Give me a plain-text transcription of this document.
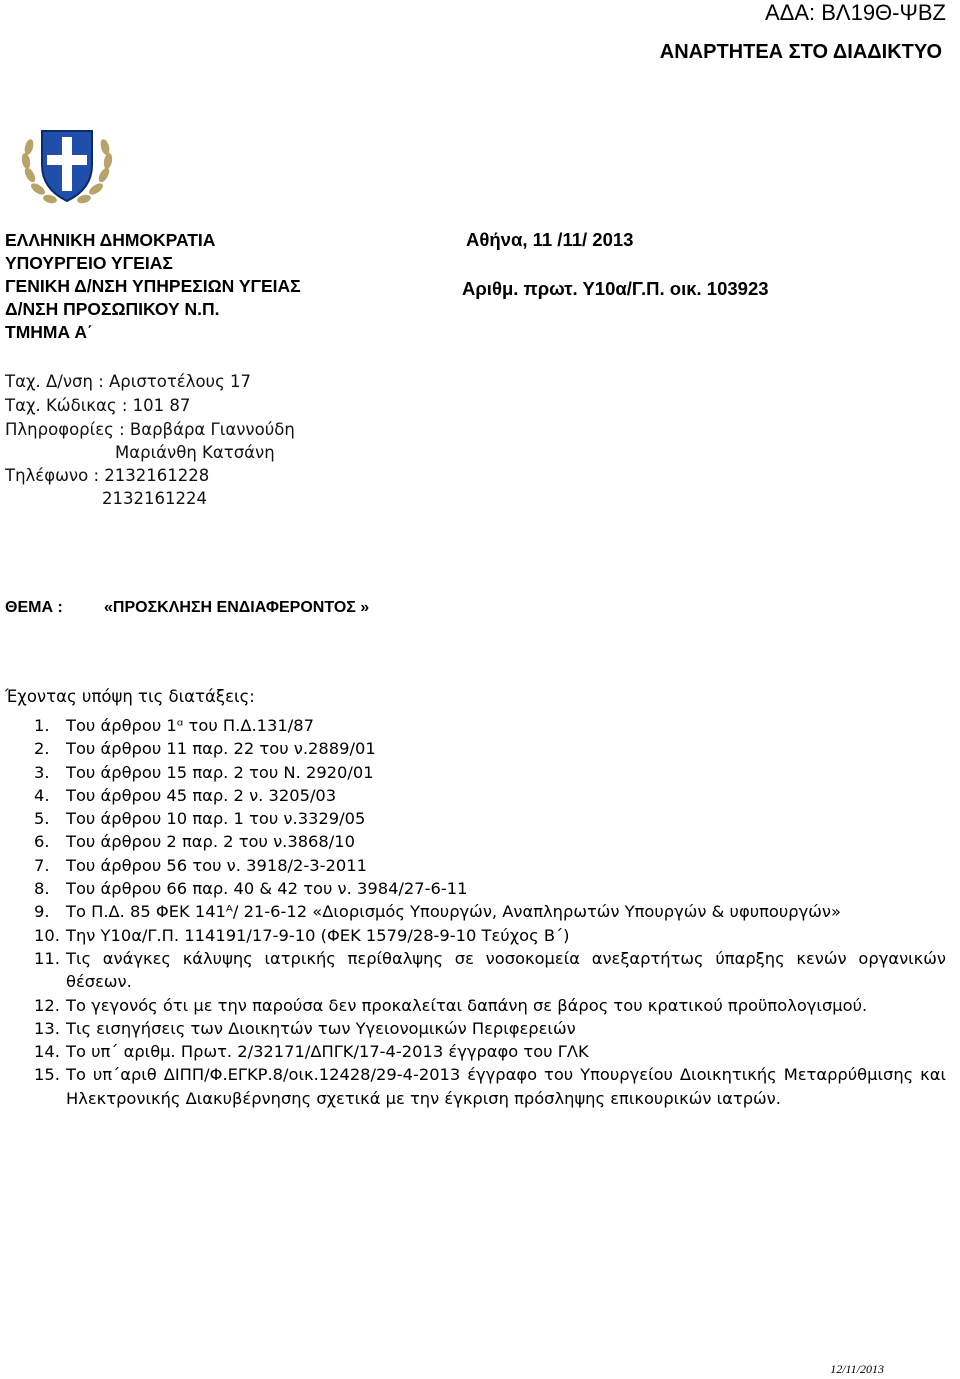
ΑΔΑ: ΒΛ19Θ-ΨΒΖ
ΑΝΑΡΤΗΤΕΑ ΣΤΟ ΔΙΑΔΙΚΤΥΟ
ΕΛΛΗΝΙΚΗ ΔΗΜΟΚΡΑΤΙΑ
ΥΠΟΥΡΓΕΙΟ ΥΓΕΙΑΣ
ΓΕΝΙΚΗ Δ/ΝΣΗ ΥΠΗΡΕΣΙΩΝ ΥΓΕΙΑΣ
Δ/ΝΣΗ ΠΡΟΣΩΠΙΚΟΥ Ν.Π.
ΤΜΗΜΑ Α΄
Αθήνα, 11 /11/ 2013
Αριθμ. πρωτ. Υ10α/Γ.Π. οικ. 103923
Ταχ. Δ/νση : Αριστοτέλους 17
Ταχ. Κώδικας : 101 87
Πληροφορίες : Βαρβάρα Γιαννούδη
Μαριάνθη Κατσάνη
Τηλέφωνο : 2132161228
2132161224
ΘΕΜΑ :	«ΠΡΟΣΚΛΗΣΗ ΕΝΔΙΑΦΕΡΟΝΤΟΣ »
Έχοντας υπόψη τις διατάξεις:
1. Του άρθρου 1ᵅ του Π.Δ.131/87
2. Του άρθρου 11 παρ. 22 του ν.2889/01
3. Του άρθρου 15 παρ. 2 του Ν. 2920/01
4. Του άρθρου 45 παρ. 2 ν. 3205/03
5. Του άρθρου 10 παρ. 1 του ν.3329/05
6. Του άρθρου 2 παρ. 2 του ν.3868/10
7. Του άρθρου 56 του ν. 3918/2-3-2011
8. Του άρθρου 66 παρ. 40 & 42 του ν. 3984/27-6-11
9. Το Π.Δ. 85 ΦΕΚ 141ᴬ/ 21-6-12 «Διορισμός Υπουργών, Αναπληρωτών Υπουργών & υφυπουργών»
10. Την Υ10α/Γ.Π. 114191/17-9-10 (ΦΕΚ 1579/28-9-10 Τεύχος Β΄)
11. Τις ανάγκες κάλυψης ιατρικής περίθαλψης σε νοσοκομεία ανεξαρτήτως ύπαρξης κενών οργανικών θέσεων.
12. Το γεγονός ότι με την παρούσα δεν προκαλείται δαπάνη σε βάρος του κρατικού προϋπολογισμού.
13. Τις εισηγήσεις των Διοικητών των Υγειονομικών Περιφερειών
14. Το υπ΄ αριθμ. Πρωτ. 2/32171/ΔΠΓΚ/17-4-2013 έγγραφο του ΓΛΚ
15. Το υπ΄αριθ ΔΙΠΠ/Φ.ΕΓΚΡ.8/οικ.12428/29-4-2013 έγγραφο του Υπουργείου Διοικητικής Μεταρρύθμισης και Ηλεκτρονικής Διακυβέρνησης σχετικά με την έγκριση πρόσληψης επικουρικών ιατρών.
12/11/2013
